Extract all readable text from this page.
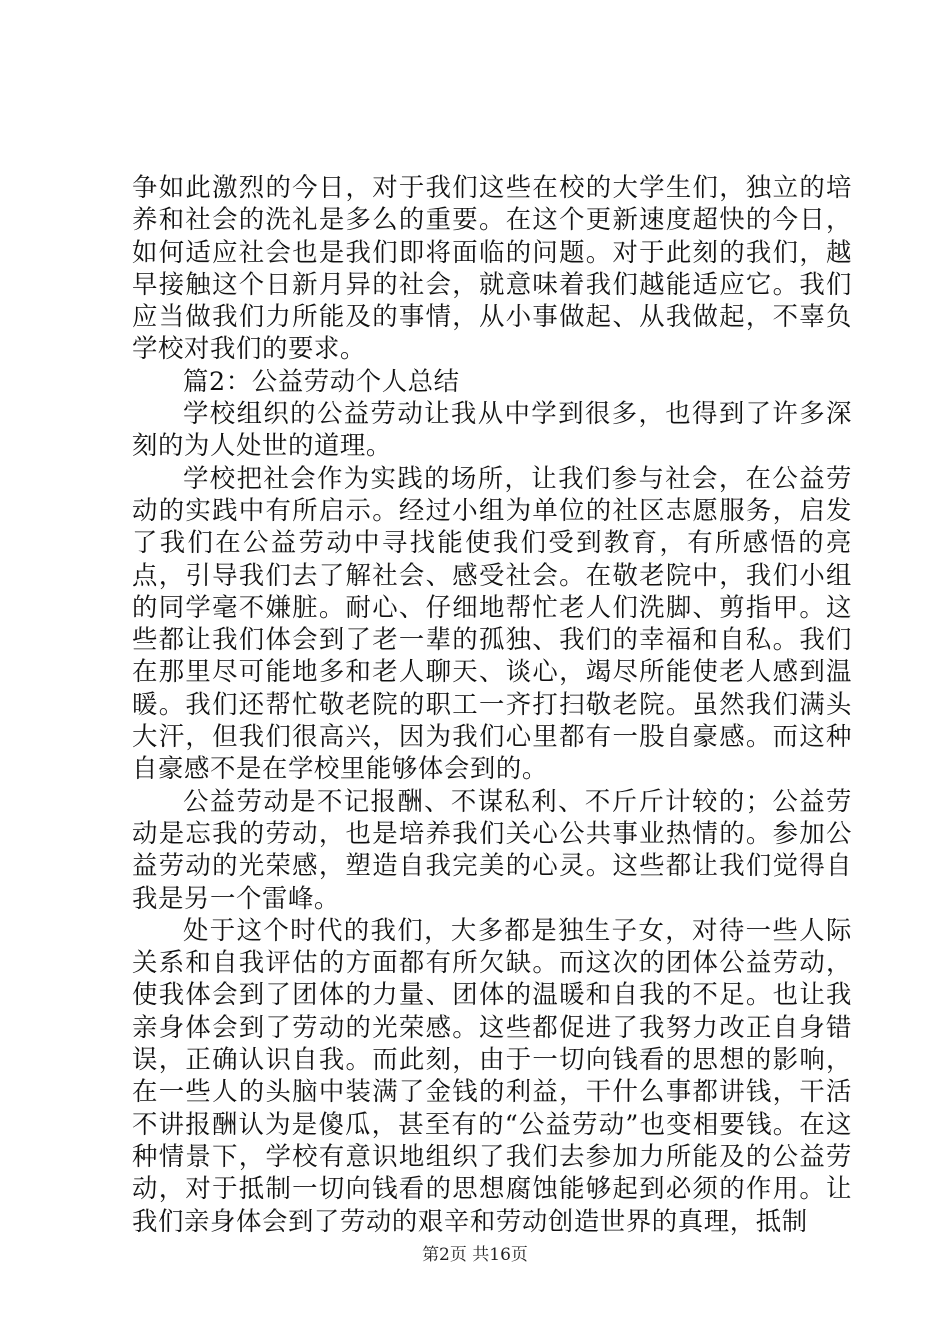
争如此激烈的今日，对于我们这些在校的大学生们，独立的培养和社会的洗礼是多么的重要。在这个更新速度超快的今日，如何适应社会也是我们即将面临的问题。对于此刻的我们，越早接触这个日新月异的社会，就意味着我们越能适应它。我们应当做我们力所能及的事情，从小事做起、从我做起，不辜负学校对我们的要求。

篇2：公益劳动个人总结

学校组织的公益劳动让我从中学到很多，也得到了许多深刻的为人处世的道理。

学校把社会作为实践的场所，让我们参与社会，在公益劳动的实践中有所启示。经过小组为单位的社区志愿服务，启发了我们在公益劳动中寻找能使我们受到教育，有所感悟的亮点，引导我们去了解社会、感受社会。在敬老院中，我们小组的同学毫不嫌脏。耐心、仔细地帮忙老人们洗脚、剪指甲。这些都让我们体会到了老一辈的孤独、我们的幸福和自私。我们在那里尽可能地多和老人聊天、谈心，竭尽所能使老人感到温暖。我们还帮忙敬老院的职工一齐打扫敬老院。虽然我们满头大汗，但我们很高兴，因为我们心里都有一股自豪感。而这种自豪感不是在学校里能够体会到的。

公益劳动是不记报酬、不谋私利、不斤斤计较的；公益劳动是忘我的劳动，也是培养我们关心公共事业热情的。参加公益劳动的光荣感，塑造自我完美的心灵。这些都让我们觉得自我是另一个雷峰。

处于这个时代的我们，大多都是独生子女，对待一些人际关系和自我评估的方面都有所欠缺。而这次的团体公益劳动，使我体会到了团体的力量、团体的温暖和自我的不足。也让我亲身体会到了劳动的光荣感。这些都促进了我努力改正自身错误，正确认识自我。而此刻，由于一切向钱看的思想的影响，在一些人的头脑中装满了金钱的利益，干什么事都讲钱，干活不讲报酬认为是傻瓜，甚至有的“公益劳动”也变相要钱。在这种情景下，学校有意识地组织了我们去参加力所能及的公益劳动，对于抵制一切向钱看的思想腐蚀能够起到必须的作用。让我们亲身体会到了劳动的艰辛和劳动创造世界的真理，抵制

第2页 共16页
